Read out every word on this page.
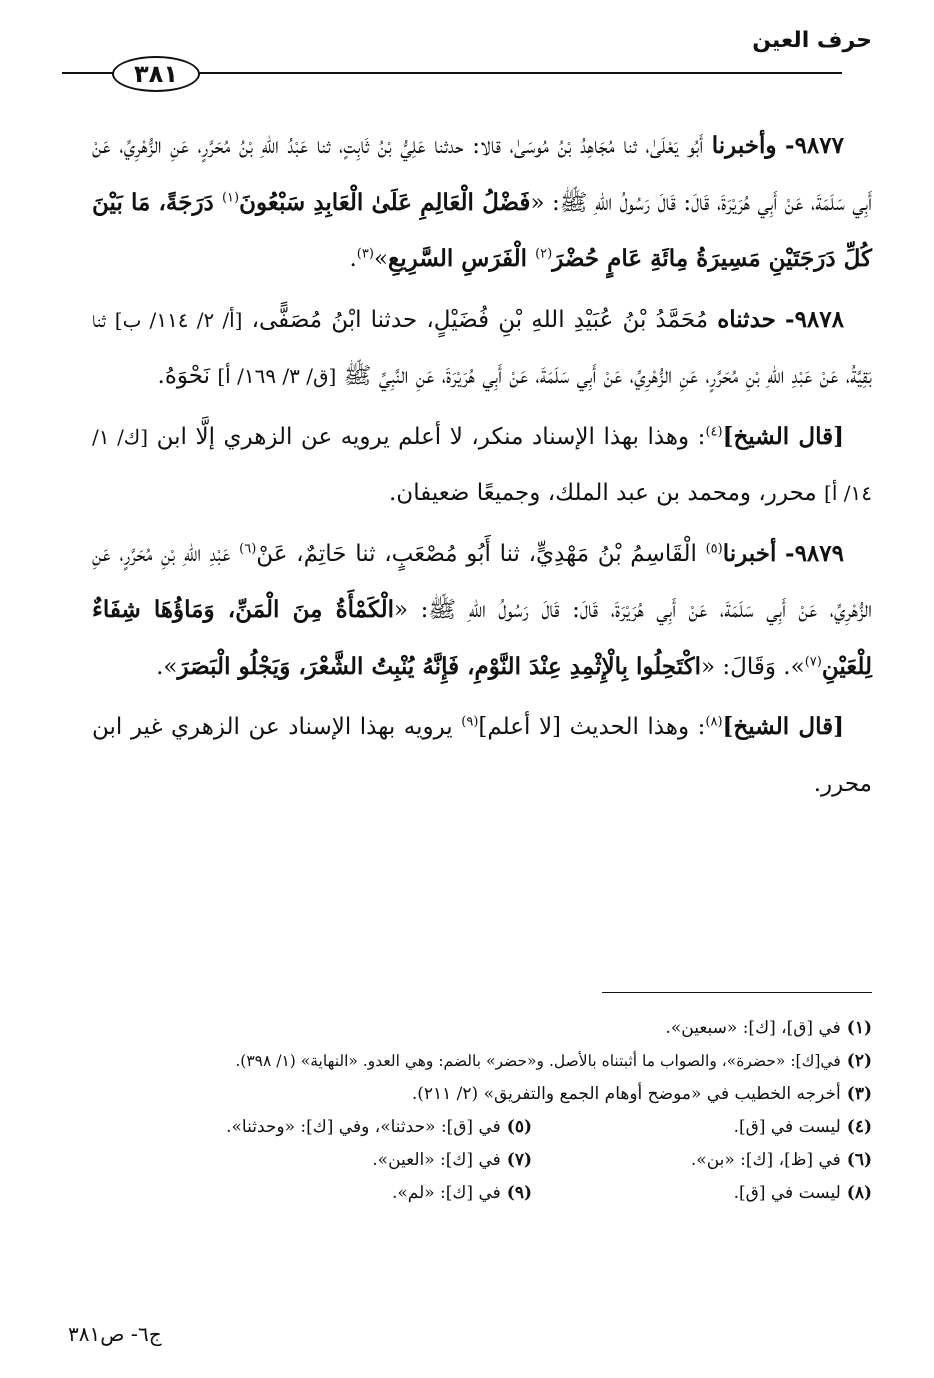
حرف العين
٣٨١

٩٨٧٧- وأخبرنا أَبُو يَعْلَىٰ، ثنا مُجَاهِدُ بْنُ مُوسَىٰ، قالا: حدثنا عَلِيُّ بْنُ ثَابِتٍ، ثنا عَبْدُ اللهِ بْنُ مُحَرَّرٍ، عَنِ الزُّهْرِيِّ، عَنْ أَبِي سَلَمَةَ، عَنْ أَبِي هُرَيْرَةَ، قَالَ: قَالَ رَسُولُ اللهِ ﷺ: «فَضْلُ الْعَالِمِ عَلَىٰ الْعَابِدِ سَبْعُونَ$^{(١)}$ دَرَجَةً، مَا بَيْنَ كُلِّ دَرَجَتَيْنِ مَسِيرَةُ مِائَةِ عَامٍ حُضْرَ$^{(٢)}$ الْفَرَسِ السَّرِيعِ»$^{(٣)}$.

٩٨٧٨- حدثناه مُحَمَّدُ بْنُ عُبَيْدِ اللهِ بْنِ فُضَيْلٍ، حدثنا ابْنُ مُصَفًّى، [أ/ ٢/ ١١٤/ ب] ثنا بَقِيَّةُ، عَنْ عَبْدِ اللهِ بْنِ مُحَرَّرٍ، عَنِ الزُّهْرِيِّ، عَنْ أَبِي سَلَمَةَ، عَنْ أَبِي هُرَيْرَةَ، عَنِ النَّبِيِّ ﷺ [ق/ ٣/ ١٦٩/ أ] نَحْوَهُ.

[قال الشيخ]$^{(٤)}$: وهذا بهذا الإسناد منكر، لا أعلم يرويه عن الزهري إلَّا ابن [ك/ ١/ ١٤/ أ] محرر، ومحمد بن عبد الملك، وجميعًا ضعيفان.

٩٨٧٩- أخبرنا$^{(٥)}$ الْقَاسِمُ بْنُ مَهْدِيٍّ، ثنا أَبُو مُصْعَبٍ، ثنا حَاتِمٌ، عَنْ$^{(٦)}$ عَبْدِ اللهِ بْنِ مُحَرَّرٍ، عَنِ الزُّهْرِيِّ، عَنْ أَبِي سَلَمَةَ، عَنْ أَبِي هُرَيْرَةَ، قَالَ: قَالَ رَسُولُ اللهِ ﷺ: «الْكَمْأَةُ مِنَ الْمَنِّ، وَمَاؤُهَا شِفَاءٌ لِلْعَيْنِ$^{(٧)}$». وَقَالَ: «اكْتَحِلُوا بِالْإِثْمِدِ عِنْدَ النَّوْمِ، فَإِنَّهُ يُنْبِتُ الشَّعْرَ، وَيَجْلُو الْبَصَرَ».

[قال الشيخ]$^{(٨)}$: وهذا الحديث [لا أعلم]$^{(٩)}$ يرويه بهذا الإسناد عن الزهري غير ابن محرر.

(١)في [ق]، [ك]: «سبعين».
(٢)في[ك]: «حضرة»، والصواب ما أثبتناه بالأصل. و«حضر» بالضم: وهي العدو. «النهاية» (١/ ٣٩٨).
(٣)أخرجه الخطيب في «موضح أوهام الجمع والتفريق» (٢/ ٢١١).
(٤)ليست في [ق].
(٥)في [ق]: «حدثنا»، وفي [ك]: «وحدثنا».
(٦)في [ظ]، [ك]: «بن».
(٧)في [ك]: «العين».
(٨)ليست في [ق].
(٩)في [ك]: «لم».
ج٦- ص٣٨١
